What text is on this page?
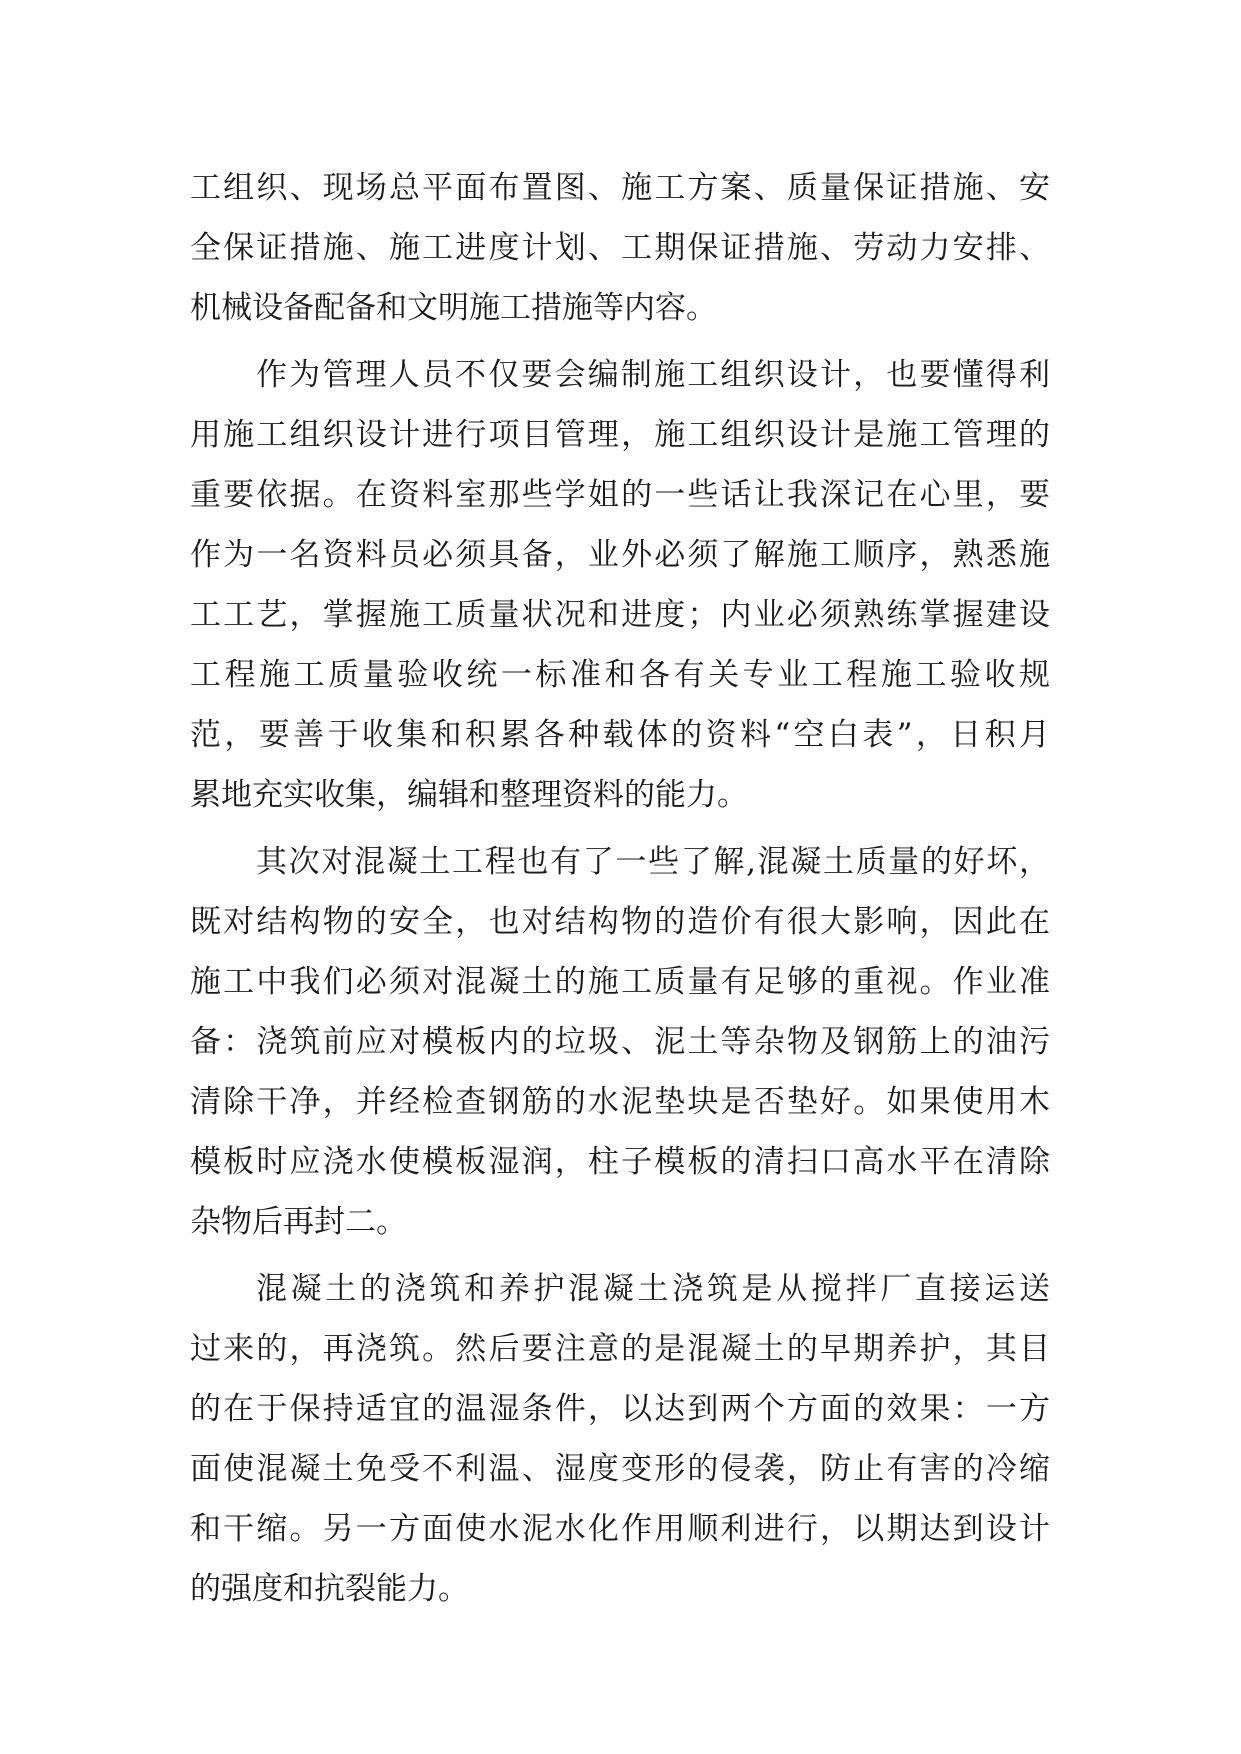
工组织、现场总平面布置图、施工方案、质量保证措施、安
全保证措施、施工进度计划、工期保证措施、劳动力安排、
机械设备配备和文明施工措施等内容。
作为管理人员不仅要会编制施工组织设计，也要懂得利
用施工组织设计进行项目管理，施工组织设计是施工管理的
重要依据。在资料室那些学姐的一些话让我深记在心里，要
作为一名资料员必须具备，业外必须了解施工顺序，熟悉施
工工艺，掌握施工质量状况和进度；内业必须熟练掌握建设
工程施工质量验收统一标准和各有关专业工程施工验收规
范，要善于收集和积累各种载体的资料“空白表”，日积月
累地充实收集，编辑和整理资料的能力。
其次对混凝土工程也有了一些了解,混凝土质量的好坏，
既对结构物的安全，也对结构物的造价有很大影响，因此在
施工中我们必须对混凝土的施工质量有足够的重视。作业准
备：浇筑前应对模板内的垃圾、泥土等杂物及钢筋上的油污
清除干净，并经检查钢筋的水泥垫块是否垫好。如果使用木
模板时应浇水使模板湿润，柱子模板的清扫口高水平在清除
杂物后再封二。
混凝土的浇筑和养护混凝土浇筑是从搅拌厂直接运送
过来的，再浇筑。然后要注意的是混凝土的早期养护，其目
的在于保持适宜的温湿条件，以达到两个方面的效果：一方
面使混凝土免受不利温、湿度变形的侵袭，防止有害的冷缩
和干缩。另一方面使水泥水化作用顺利进行，以期达到设计
的强度和抗裂能力。
